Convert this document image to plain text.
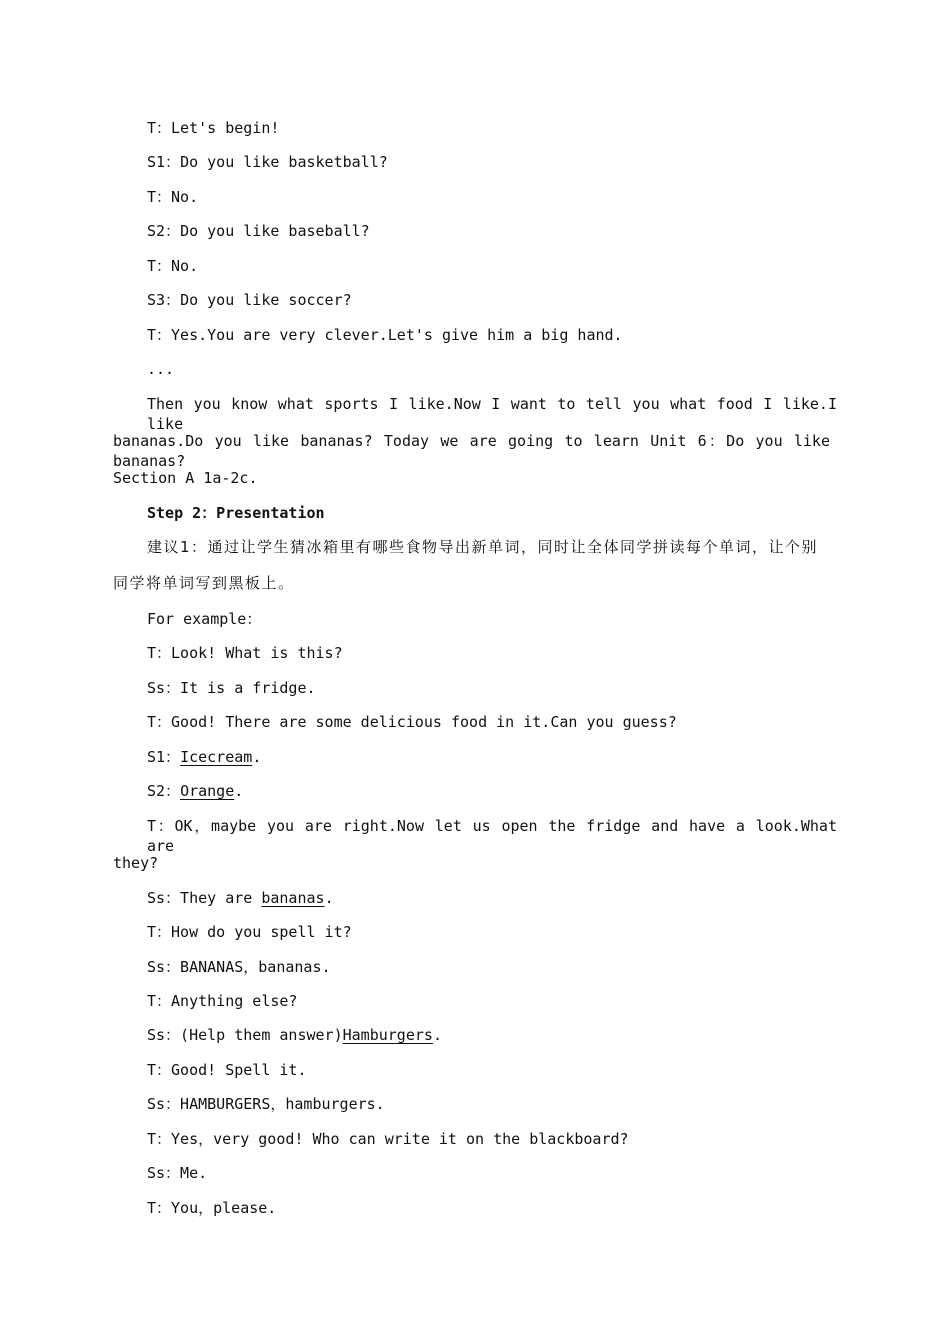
T：Let's begin!
S1：Do you like basketball?
T：No.
S2：Do you like baseball?
T：No.
S3：Do you like soccer?
T：Yes.You are very clever.Let's give him a big hand.
...
Then you know what sports I like.Now I want to tell you what food I like.I like
bananas.Do you like bananas? Today we are going to learn Unit 6：Do you like bananas?
Section A 1a-2c.
Step 2：Presentation
建议1：通过让学生猜冰箱里有哪些食物导出新单词，同时让全体同学拼读每个单词，让个别
同学将单词写到黑板上。
For example：
T：Look! What is this?
Ss：It is a fridge.
T：Good! There are some delicious food in it.Can you guess?
S1：Icecream.
S2：Orange.
T：OK，maybe you are right.Now let us open the fridge and have a look.What are
they?
Ss：They are bananas.
T：How do you spell it?
Ss：BANANAS，bananas.
T：Anything else?
Ss：(Help them answer)Hamburgers.
T：Good! Spell it.
Ss：HAMBURGERS，hamburgers.
T：Yes，very good! Who can write it on the blackboard?
Ss：Me.
T：You，please.
